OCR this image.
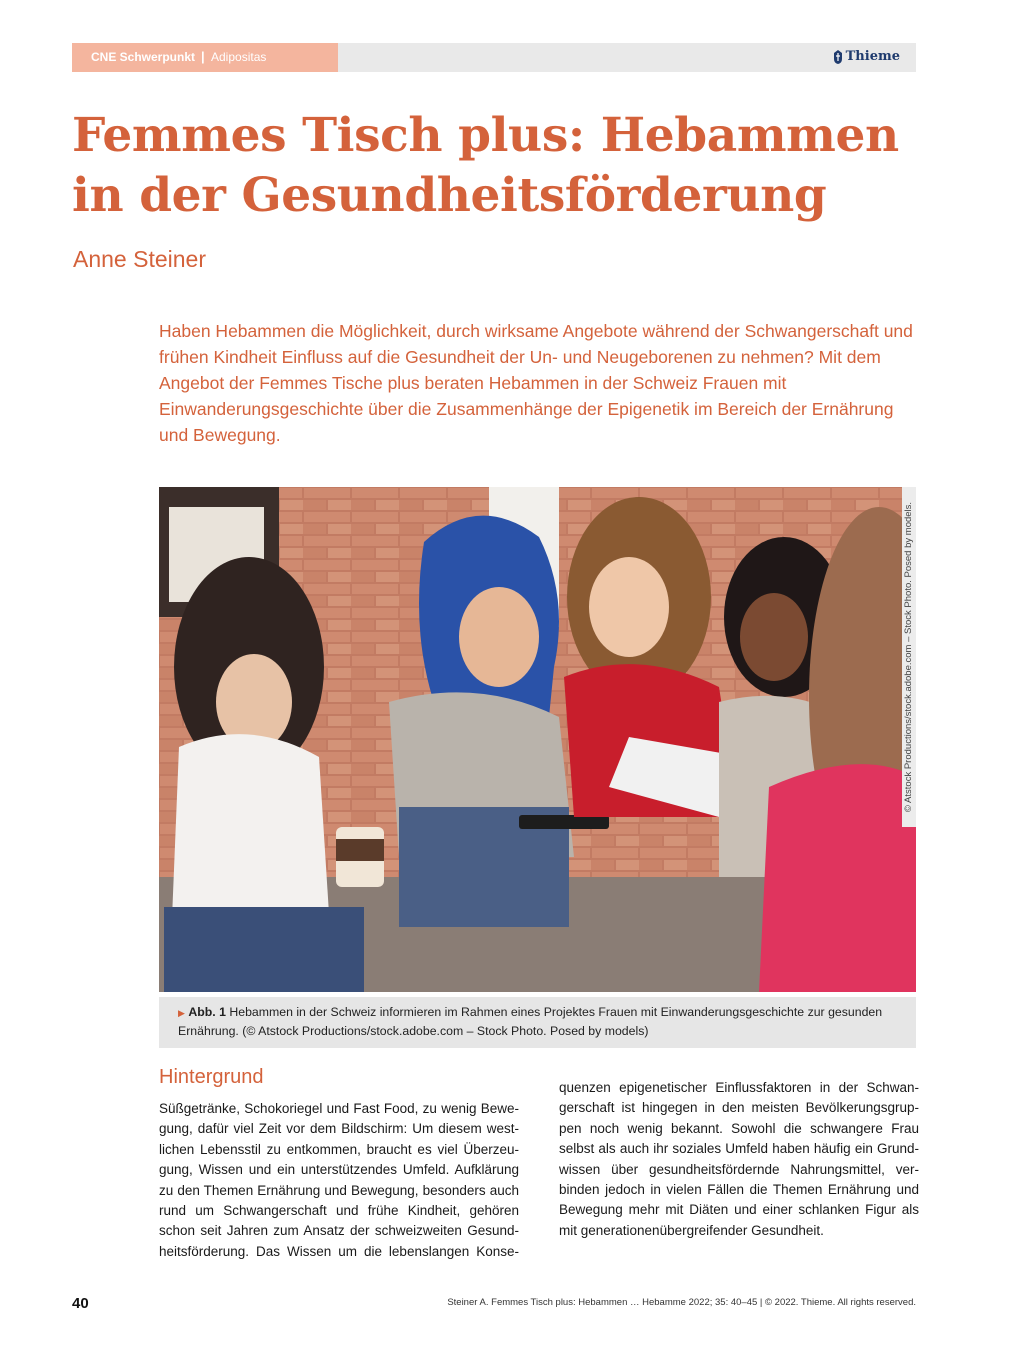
CNE Schwerpunkt | Adipositas	Thieme
Femmes Tisch plus: Hebammen
in der Gesundheitsförderung
Anne Steiner
Haben Hebammen die Möglichkeit, durch wirksame Angebote während der Schwangerschaft und frühen Kindheit Einfluss auf die Gesundheit der Un- und Neugeborenen zu nehmen? Mit dem Angebot der Femmes Tische plus beraten Hebammen in der Schweiz Frauen mit Einwanderungsgeschichte über die Zusammenhänge der Epigenetik im Bereich der Ernährung und Bewegung.
© Atstock Productions/stock.adobe.com – Stock Photo. Posed by models.
▶ Abb. 1 Hebammen in der Schweiz informieren im Rahmen eines Projektes Frauen mit Einwanderungsgeschichte zur gesunden Ernährung. (© Atstock Productions/stock.adobe.com – Stock Photo. Posed by models)
Hintergrund
Süßgetränke, Schokoriegel und Fast Food, zu wenig Bewe-
gung, dafür viel Zeit vor dem Bildschirm: Um diesem west-
lichen Lebensstil zu entkommen, braucht es viel Überzeu-
gung, Wissen und ein unterstützendes Umfeld. Aufklärung
zu den Themen Ernährung und Bewegung, besonders auch
rund um Schwangerschaft und frühe Kindheit, gehören
schon seit Jahren zum Ansatz der schweizweiten Gesund-
heitsförderung. Das Wissen um die lebenslangen Konse-
quenzen epigenetischer Einflussfaktoren in der Schwan-
gerschaft ist hingegen in den meisten Bevölkerungsgrup-
pen noch wenig bekannt. Sowohl die schwangere Frau
selbst als auch ihr soziales Umfeld haben häufig ein Grund-
wissen über gesundheitsfördernde Nahrungsmittel, ver-
binden jedoch in vielen Fällen die Themen Ernährung und
Bewegung mehr mit Diäten und einer schlanken Figur als
mit generationenübergreifender Gesundheit.
40	Steiner A. Femmes Tisch plus: Hebammen … Hebamme 2022; 35: 40–45 | © 2022. Thieme. All rights reserved.
